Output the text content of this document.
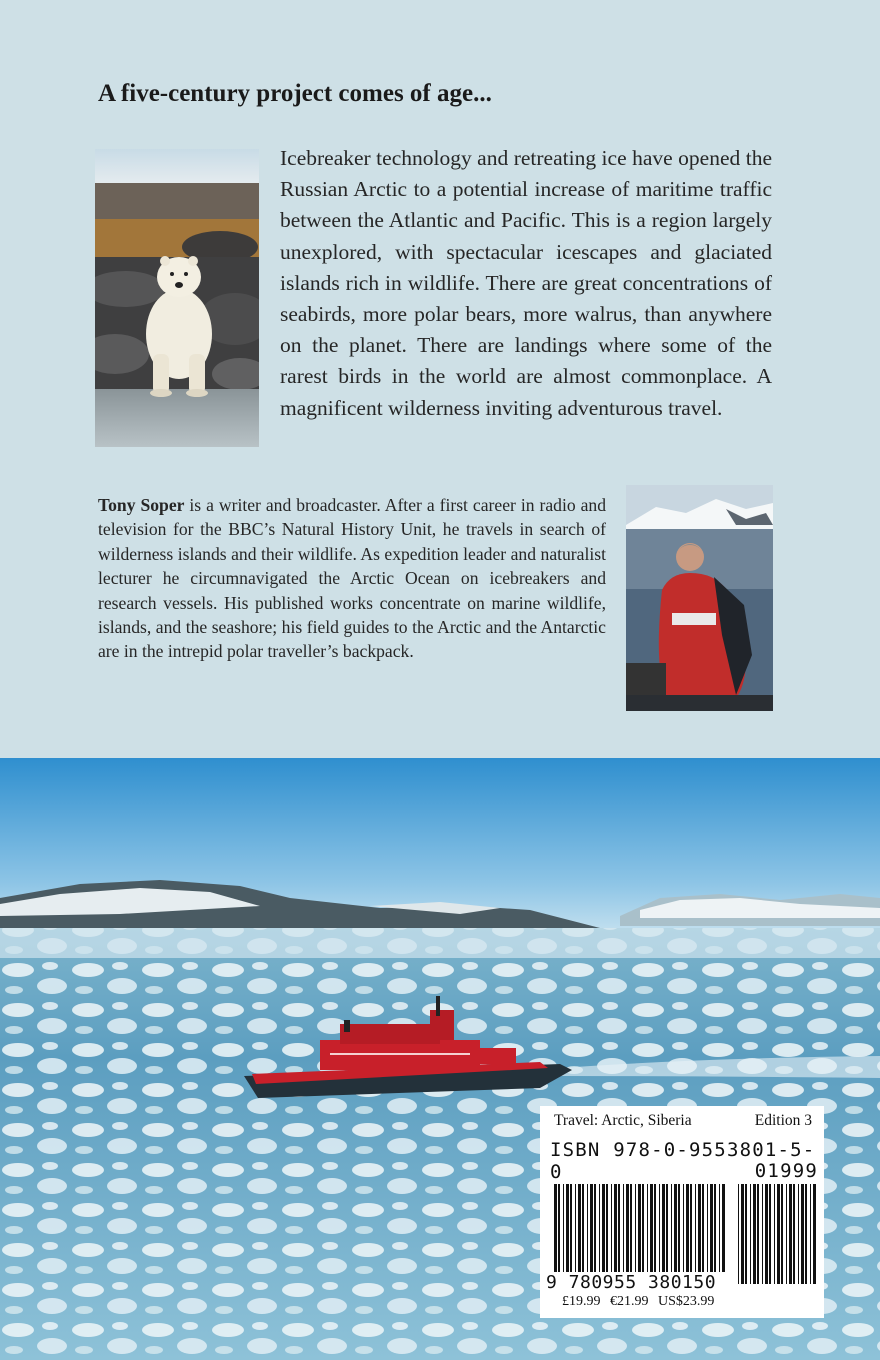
A five-century project comes of age...
Icebreaker technology and retreating ice have opened the Russian Arctic to a potential increase of maritime traffic between the Atlantic and Pacific. This is a region largely unexplored, with spectacular icescapes and glaciated islands rich in wildlife. There are great concentrations of seabirds, more polar bears, more walrus, than anywhere on the planet. There are landings where some of the rarest birds in the world are almost commonplace. A magnificent wilderness inviting adventurous travel.
Tony Soper is a writer and broadcaster. After a first career in radio and television for the BBC’s Natural History Unit, he travels in search of wilderness islands and their wildlife. As expedition leader and naturalist lecturer he circumnavigated the Arctic Ocean on icebreakers and research vessels. His published works concentrate on marine wildlife, islands, and the seashore; his field guides to the Arctic and the Antarctic are in the intrepid polar traveller’s backpack.
Travel: Arctic, Siberia	Edition 3
ISBN 978-0-9553801-5-0	01999
9 780955 380150
£19.99 €21.99 US$23.99
